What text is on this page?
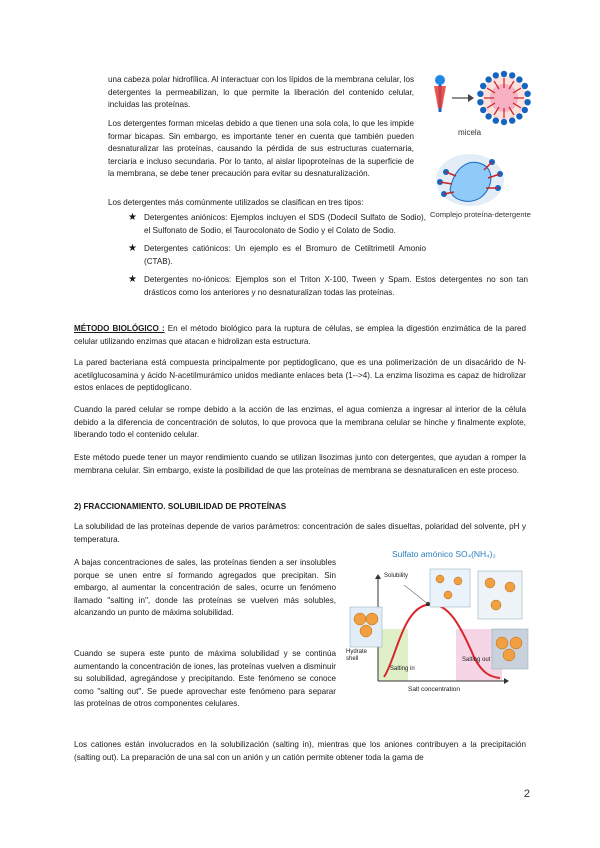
una cabeza polar hidrofílica. Al interactuar con los lípidos de la membrana celular, los detergentes la permeabilizan, lo que permite la liberación del contenido celular, incluidas las proteínas.

Los detergentes forman micelas debido a que tienen una sola cola, lo que les impide formar bicapas. Sin embargo, es importante tener en cuenta que también pueden desnaturalizar las proteínas, causando la pérdida de sus estructuras cuaternaria, terciaria e incluso secundaria. Por lo tanto, al aislar lipoproteínas de la superficie de la membrana, se debe tener precaución para evitar su desnaturalización.

Los detergentes más comúnmente utilizados se clasifican en tres tipos:

★ Detergentes aniónicos: Ejemplos incluyen el SDS (Dodecil Sulfato de Sodio), el Sulfonato de Sodio, el Taurocolonato de Sodio y el Colato de Sodio.
★ Detergentes catiónicos: Un ejemplo es el Bromuro de Cetiltrimetil Amonio (CTAB).
★ Detergentes no-iónicos: Ejemplos son el Triton X-100, Tween y Spam. Estos detergentes no son tan drásticos como los anteriores y no desnaturalizan todas las proteínas.
micela
Complejo proteína-detergente

MÉTODO BIOLÓGICO : En el método biológico para la ruptura de células, se emplea la digestión enzimática de la pared celular utilizando enzimas que atacan e hidrolizan esta estructura.

La pared bacteriana está compuesta principalmente por peptidoglicano, que es una polimerización de un disacárido de N-acetilglucosamina y ácido N-acetilmurámico unidos mediante enlaces beta (1-->4). La enzima lisozima es capaz de hidrolizar estos enlaces de peptidoglicano.

Cuando la pared celular se rompe debido a la acción de las enzimas, el agua comienza a ingresar al interior de la célula debido a la diferencia de concentración de solutos, lo que provoca que la membrana celular se hinche y finalmente explote, liberando todo el contenido celular.

Este método puede tener un mayor rendimiento cuando se utilizan lisozimas junto con detergentes, que ayudan a romper la membrana celular. Sin embargo, existe la posibilidad de que las proteínas de membrana se desnaturalicen en este proceso.

2) FRACCIONAMIENTO. SOLUBILIDAD DE PROTEÍNAS

La solubilidad de las proteínas depende de varios parámetros: concentración de sales disueltas, polaridad del solvente, pH y temperatura.

A bajas concentraciones de sales, las proteínas tienden a ser insolubles porque se unen entre sí formando agregados que precipitan. Sin embargo, al aumentar la concentración de sales, ocurre un fenómeno llamado "salting in", donde las proteínas se vuelven más solubles, alcanzando un punto de máxima solubilidad.

Cuando se supera este punto de máxima solubilidad y se continúa aumentando la concentración de iones, las proteínas vuelven a disminuir su solubilidad, agregándose y precipitando. Este fenómeno se conoce como "salting out". Se puede aprovechar este fenómeno para separar las proteínas de otros componentes celulares.

Sulfato amónico SO₄(NH₄)₂
Solubility
Hydrate shell
Salting in
Salting out
Salt concentration

Los cationes están involucrados en la solubilización (salting in), mientras que los aniones contribuyen a la precipitación (salting out). La preparación de una sal con un anión y un catión permite obtener toda la gama de

2
